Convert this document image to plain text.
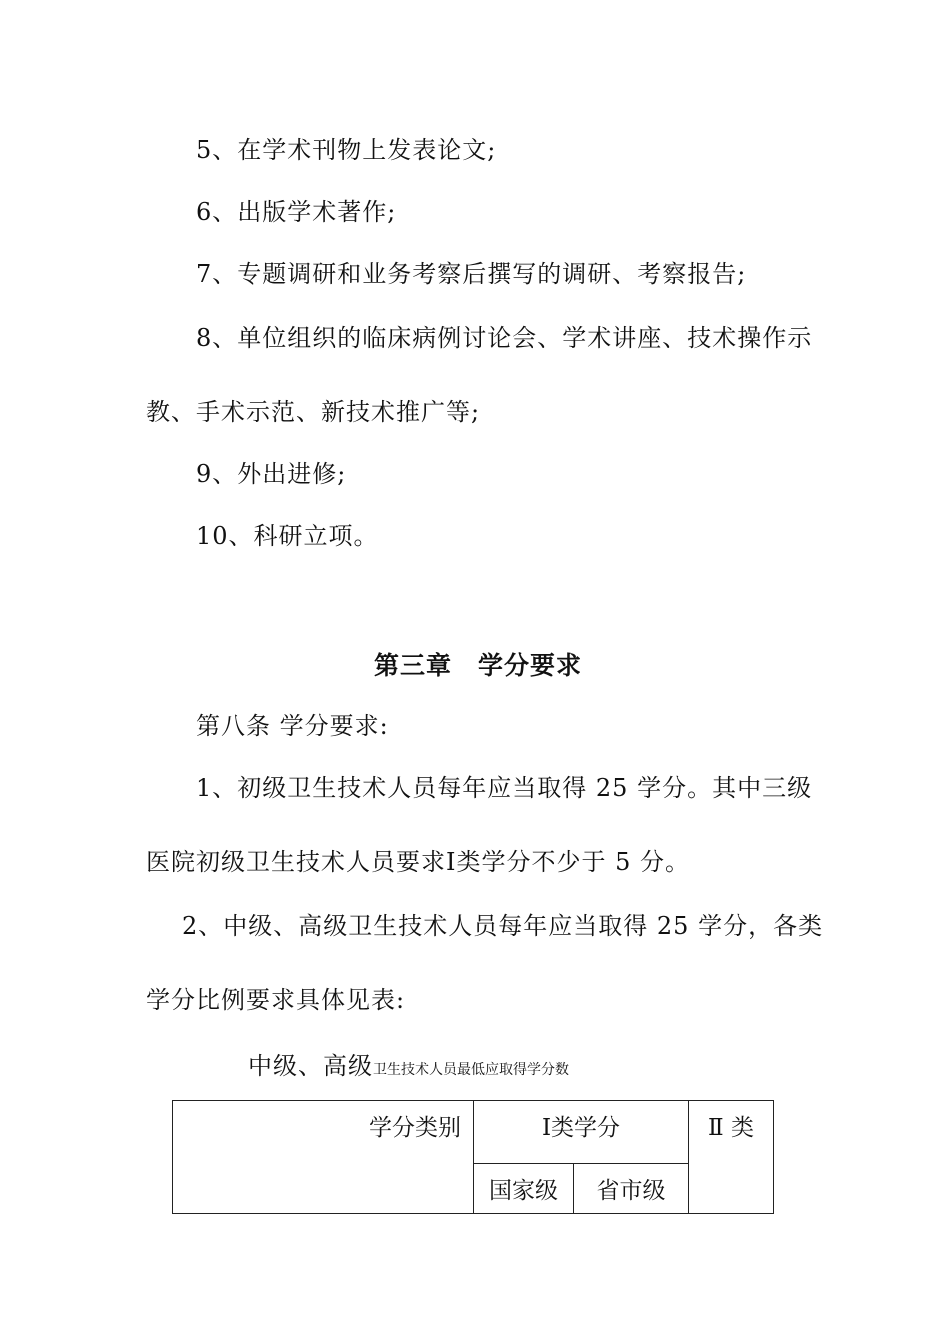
5、在学术刊物上发表论文;
6、出版学术著作;
7、专题调研和业务考察后撰写的调研、考察报告;
8、单位组织的临床病例讨论会、学术讲座、技术操作示
教、手术示范、新技术推广等;
9、外出进修;
10、科研立项。
第三章　学分要求
第八条 学分要求:
1、初级卫生技术人员每年应当取得 25 学分。其中三级
医院初级卫生技术人员要求Ⅰ类学分不少于 5 分。
2、中级、高级卫生技术人员每年应当取得 25 学分，各类
学分比例要求具体见表:
中级、高级卫生技术人员最低应取得学分数
学分类别	Ⅰ类学分		Ⅱ 类
	国家级	省市级	
